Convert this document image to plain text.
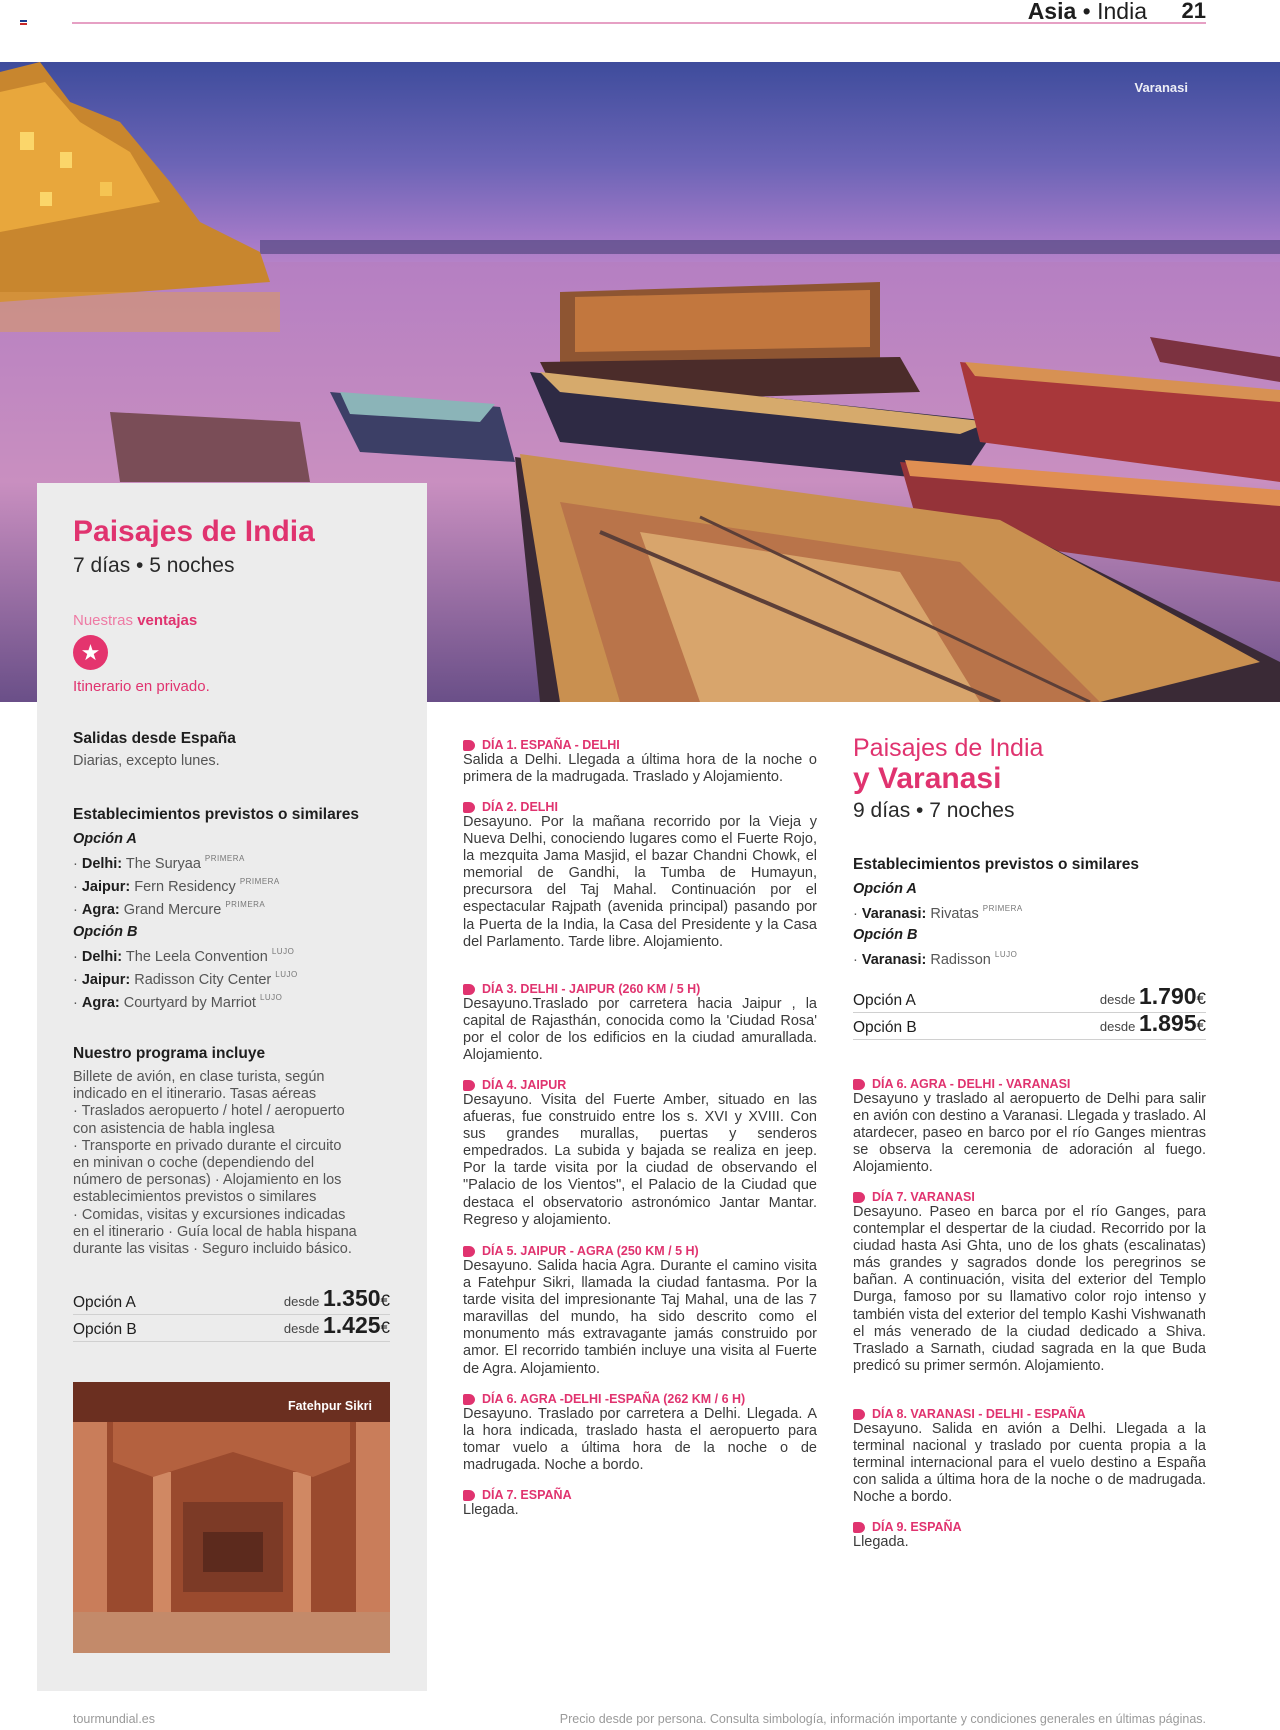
Asia • India 21
Varanasi
Paisajes de India
7 días • 5 noches
Nuestras ventajas
★
Itinerario en privado.
Salidas desde España
Diarias, excepto lunes.
Establecimientos previstos o similares
Opción A
· Delhi: The Suryaa $^{PRIMERA}$
· Jaipur: Fern Residency $^{PRIMERA}$
· Agra: Grand Mercure $^{PRIMERA}$
Opción B
· Delhi: The Leela Convention $^{LUJO}$
· Jaipur: Radisson City Center $^{LUJO}$
· Agra: Courtyard by Marriot $^{LUJO}$
Nuestro programa incluye
Billete de avión, en clase turista, según
indicado en el itinerario. Tasas aéreas
· Traslados aeropuerto / hotel / aeropuerto
con asistencia de habla inglesa
· Transporte en privado durante el circuito
en minivan o coche (dependiendo del
número de personas) · Alojamiento en los
establecimientos previstos o similares
· Comidas, visitas y excursiones indicadas
en el itinerario · Guía local de habla hispana
durante las visitas · Seguro incluido básico.
Opción A	desde 1.350€
Opción B	desde 1.425€
Fatehpur Sikri
DÍA 1. ESPAÑA - DELHI
Salida a Delhi. Llegada a última hora de la noche o primera de la madrugada. Traslado y Alojamiento.
DÍA 2. DELHI
Desayuno. Por la mañana recorrido por la Vieja y Nueva Delhi, conociendo lugares como el Fuerte Rojo, la mezquita Jama Masjid, el bazar Chandni Chowk, el memorial de Gandhi, la Tumba de Humayun, precursora del Taj Mahal. Continuación por el espectacular Rajpath (avenida principal) pasando por la Puerta de la India, la Casa del Presidente y la Casa del Parlamento. Tarde libre. Alojamiento.
DÍA 3. DELHI - JAIPUR (260 KM / 5 H)
Desayuno.Traslado por carretera hacia Jaipur , la capital de Rajasthán, conocida como la 'Ciudad Rosa' por el color de los edificios en la ciudad amurallada. Alojamiento.
DÍA 4. JAIPUR
Desayuno. Visita del Fuerte Amber, situado en las afueras, fue construido entre los s. XVI y XVIII. Con sus grandes murallas, puertas y senderos empedrados. La subida y bajada se realiza en jeep. Por la tarde visita por la ciudad de observando el "Palacio de los Vientos", el Palacio de la Ciudad que destaca el observatorio astronómico Jantar Mantar. Regreso y alojamiento.
DÍA 5. JAIPUR - AGRA (250 KM / 5 H)
Desayuno. Salida hacia Agra. Durante el camino visita a Fatehpur Sikri, llamada la ciudad fantasma. Por la tarde visita del impresionante Taj Mahal, una de las 7 maravillas del mundo, ha sido descrito como el monumento más extravagante jamás construido por amor. El recorrido también incluye una visita al Fuerte de Agra. Alojamiento.
DÍA 6. AGRA -DELHI -ESPAÑA (262 KM / 6 H)
Desayuno. Traslado por carretera a Delhi. Llegada. A la hora indicada, traslado hasta el aeropuerto para tomar vuelo a última hora de la noche o de madrugada. Noche a bordo.
DÍA 7. ESPAÑA
Llegada.
Paisajes de India
y Varanasi
9 días • 7 noches
Establecimientos previstos o similares
Opción A
· Varanasi: Rivatas $^{PRIMERA}$
Opción B
· Varanasi: Radisson $^{LUJO}$
Opción A	desde 1.790€
Opción B	desde 1.895€
DÍA 6. AGRA - DELHI - VARANASI
Desayuno y traslado al aeropuerto de Delhi para salir en avión con destino a Varanasi. Llegada y traslado. Al atardecer, paseo en barco por el río Ganges mientras se observa la ceremonia de adoración al fuego. Alojamiento.
DÍA 7. VARANASI
Desayuno. Paseo en barca por el río Ganges, para contemplar el despertar de la ciudad. Recorrido por la ciudad hasta Asi Ghta, uno de los ghats (escalinatas) más grandes y sagrados donde los peregrinos se bañan. A continuación, visita del exterior del Templo Durga, famoso por su llamativo color rojo intenso y también vista del exterior del templo Kashi Vishwanath el más venerado de la ciudad dedicado a Shiva. Traslado a Sarnath, ciudad sagrada en la que Buda predicó su primer sermón. Alojamiento.
DÍA 8. VARANASI - DELHI - ESPAÑA
Desayuno. Salida en avión a Delhi. Llegada a la terminal nacional y traslado por cuenta propia a la terminal internacional para el vuelo destino a España con salida a última hora de la noche o de madrugada. Noche a bordo.
DÍA 9. ESPAÑA
Llegada.
tourmundial.es	Precio desde por persona. Consulta simbología, información importante y condiciones generales en últimas páginas.
